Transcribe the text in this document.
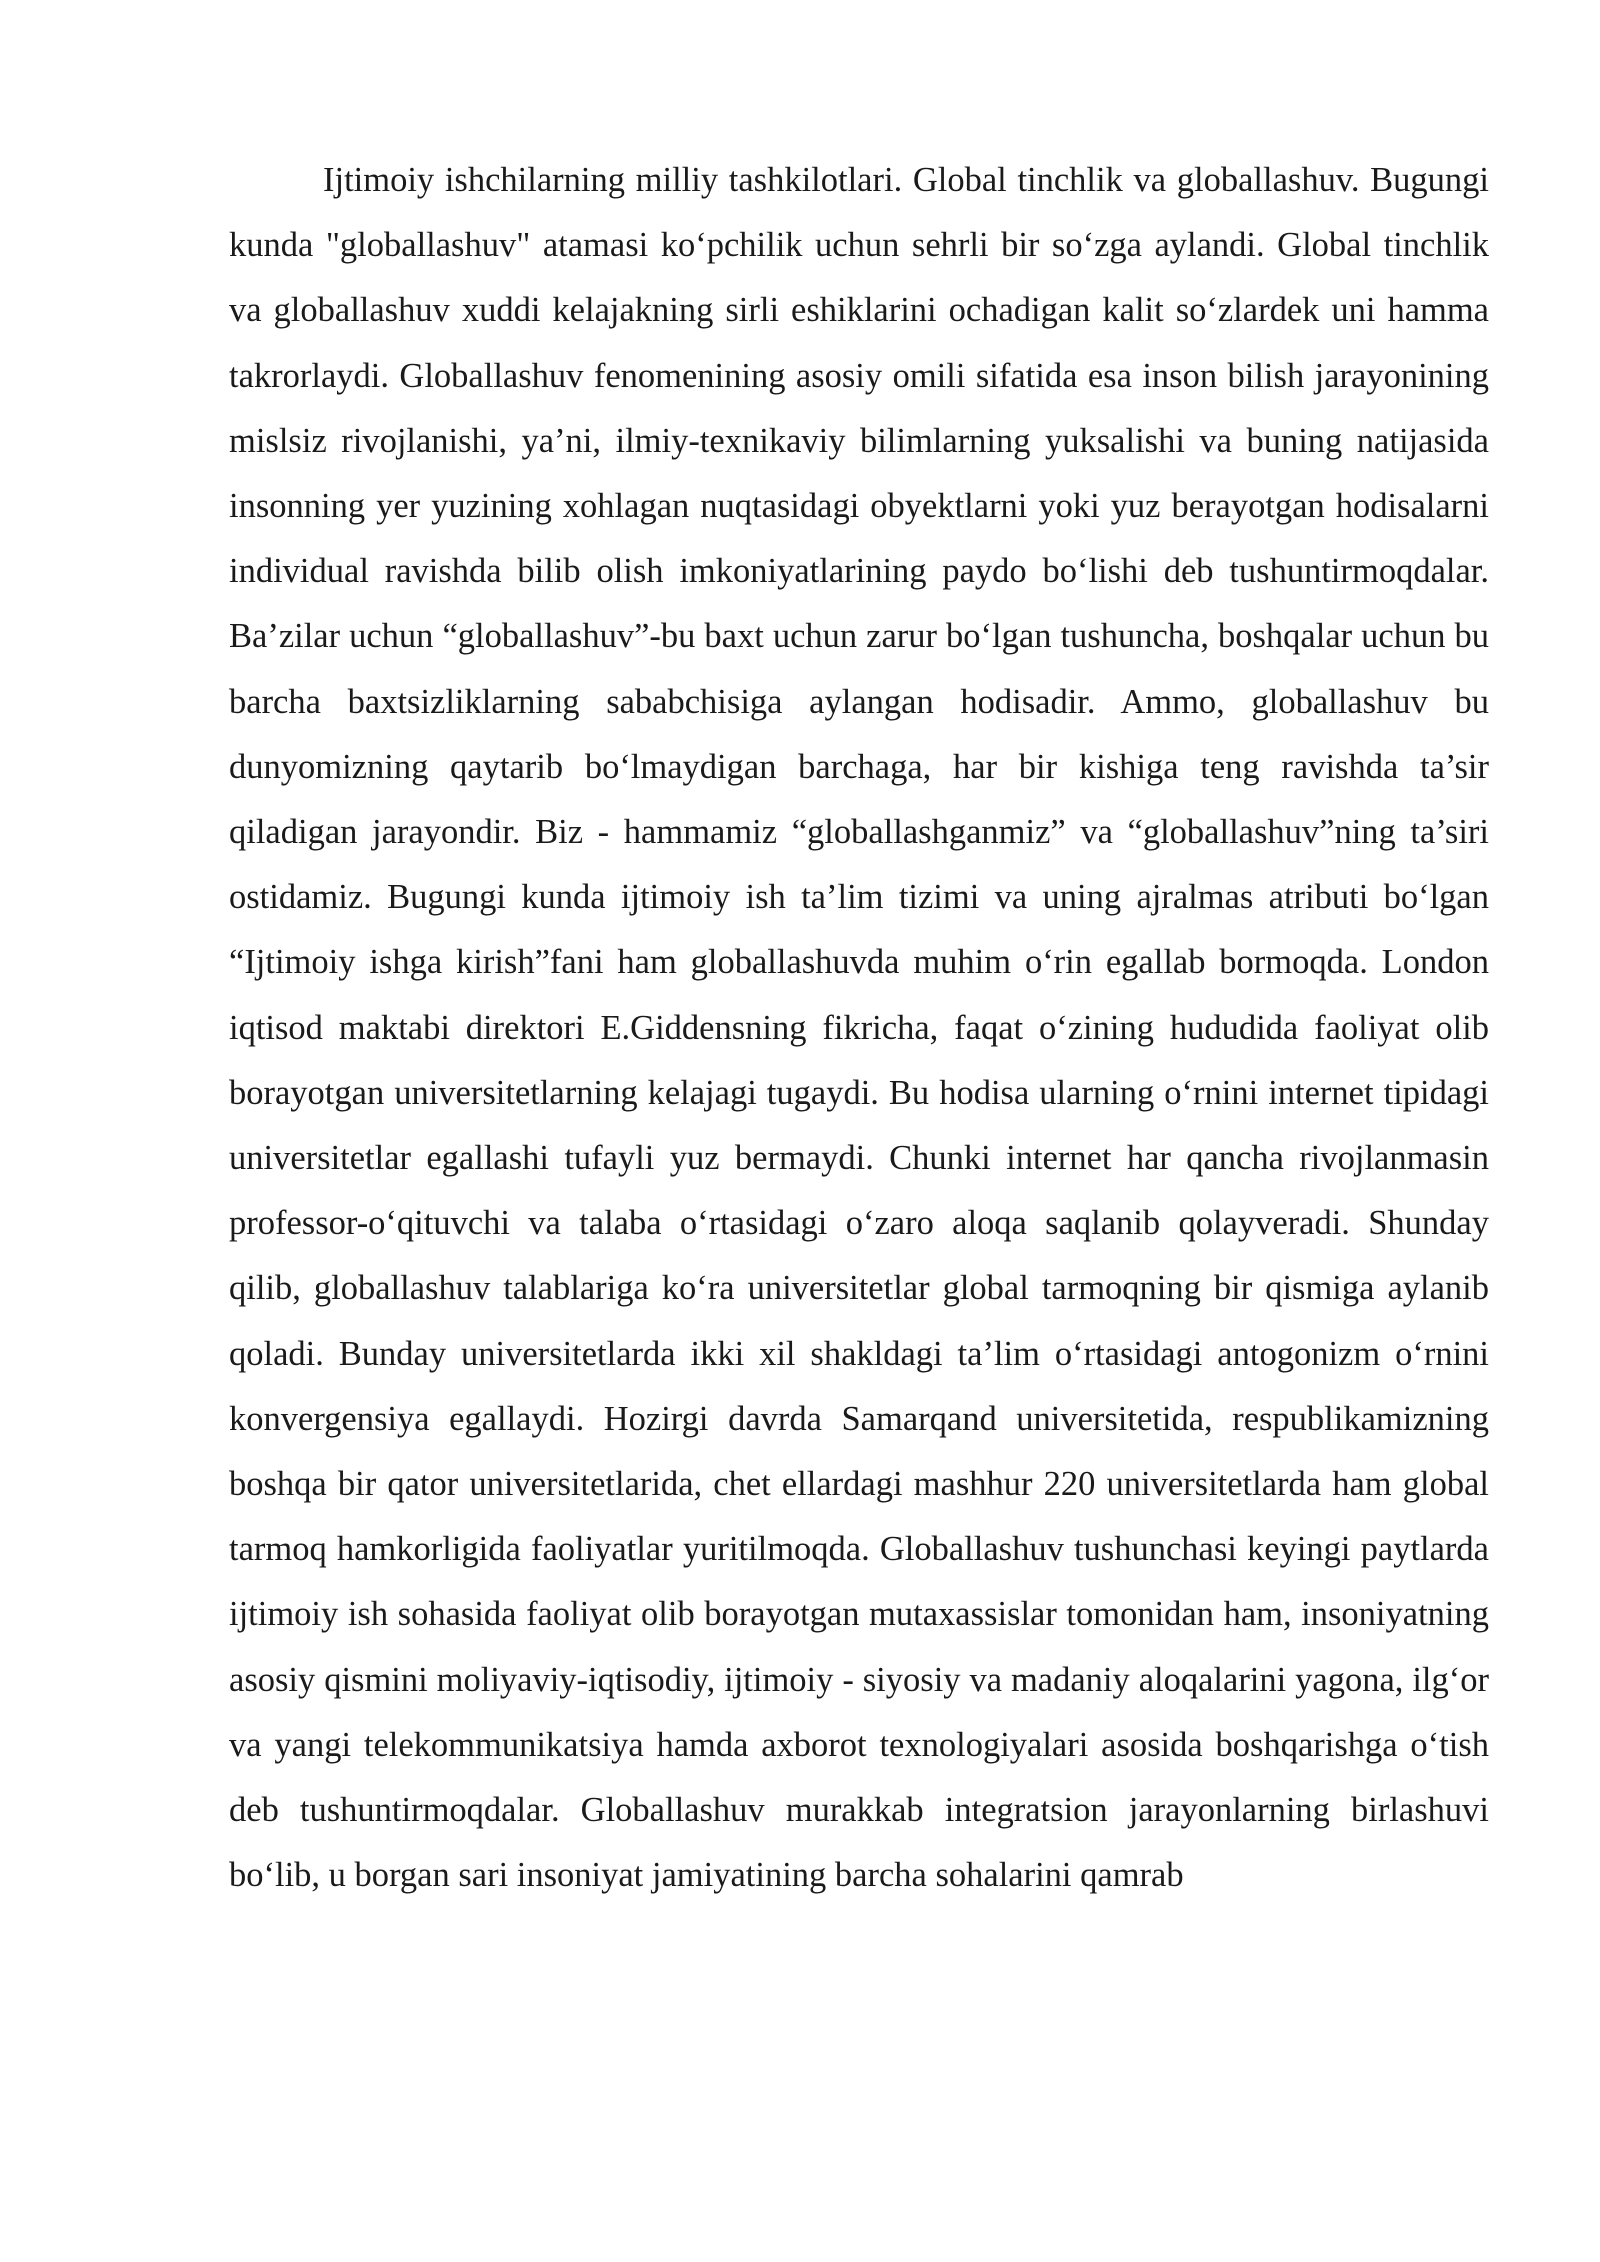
Ijtimoiy ishchilarning milliy tashkilotlari. Global tinchlik va globallashuv. Bugungi kunda "globallashuv" atamasi koʻpchilik uchun sehrli bir soʻzga aylandi. Global tinchlik va globallashuv xuddi kelajakning sirli eshiklarini ochadigan kalit soʻzlardek uni hamma takrorlaydi. Globallashuv fenomenining asosiy omili sifatida esa inson bilish jarayonining mislsiz rivojlanishi, ya’ni, ilmiy-texnikaviy bilimlarning yuksalishi va buning natijasida insonning yer yuzining xohlagan nuqtasidagi obyektlarni yoki yuz berayotgan hodisalarni individual ravishda bilib olish imkoniyatlarining paydo boʻlishi deb tushuntirmoqdalar. Ba’zilar uchun “globallashuv”-bu baxt uchun zarur boʻlgan tushuncha, boshqalar uchun bu barcha baxtsizliklarning sababchisiga aylangan hodisadir. Ammo, globallashuv bu dunyomizning qaytarib boʻlmaydigan barchaga, har bir kishiga teng ravishda ta’sir qiladigan jarayondir. Biz - hammamiz “globallashganmiz” va “globallashuv”ning ta’siri ostidamiz. Bugungi kunda ijtimoiy ish ta’lim tizimi va uning ajralmas atributi boʻlgan “Ijtimoiy ishga kirish”fani ham globallashuvda muhim oʻrin egallab bormoqda. London iqtisod maktabi direktori E.Giddensning fikricha, faqat oʻzining hududida faoliyat olib borayotgan universitetlarning kelajagi tugaydi. Bu hodisa ularning oʻrnini internet tipidagi universitetlar egallashi tufayli yuz bermaydi. Chunki internet har qancha rivojlanmasin professor-oʻqituvchi va talaba oʻrtasidagi oʻzaro aloqa saqlanib qolayveradi. Shunday qilib, globallashuv talablariga koʻra universitetlar global tarmoqning bir qismiga aylanib qoladi. Bunday universitetlarda ikki xil shakldagi ta’lim oʻrtasidagi antogonizm oʻrnini konvergensiya egallaydi. Hozirgi davrda Samarqand universitetida, respublikamizning boshqa bir qator universitetlarida, chet ellardagi mashhur 220 universitetlarda ham global tarmoq hamkorligida faoliyatlar yuritilmoqda. Globallashuv tushunchasi keyingi paytlarda ijtimoiy ish sohasida faoliyat olib borayotgan mutaxassislar tomonidan ham, insoniyatning asosiy qismini moliyaviy-iqtisodiy, ijtimoiy - siyosiy va madaniy aloqalarini yagona, ilgʻor va yangi telekommunikatsiya hamda axborot texnologiyalari asosida boshqarishga oʻtish deb tushuntirmoqdalar. Globallashuv murakkab integratsion jarayonlarning birlashuvi boʻlib, u borgan sari insoniyat jamiyatining barcha sohalarini qamrab
